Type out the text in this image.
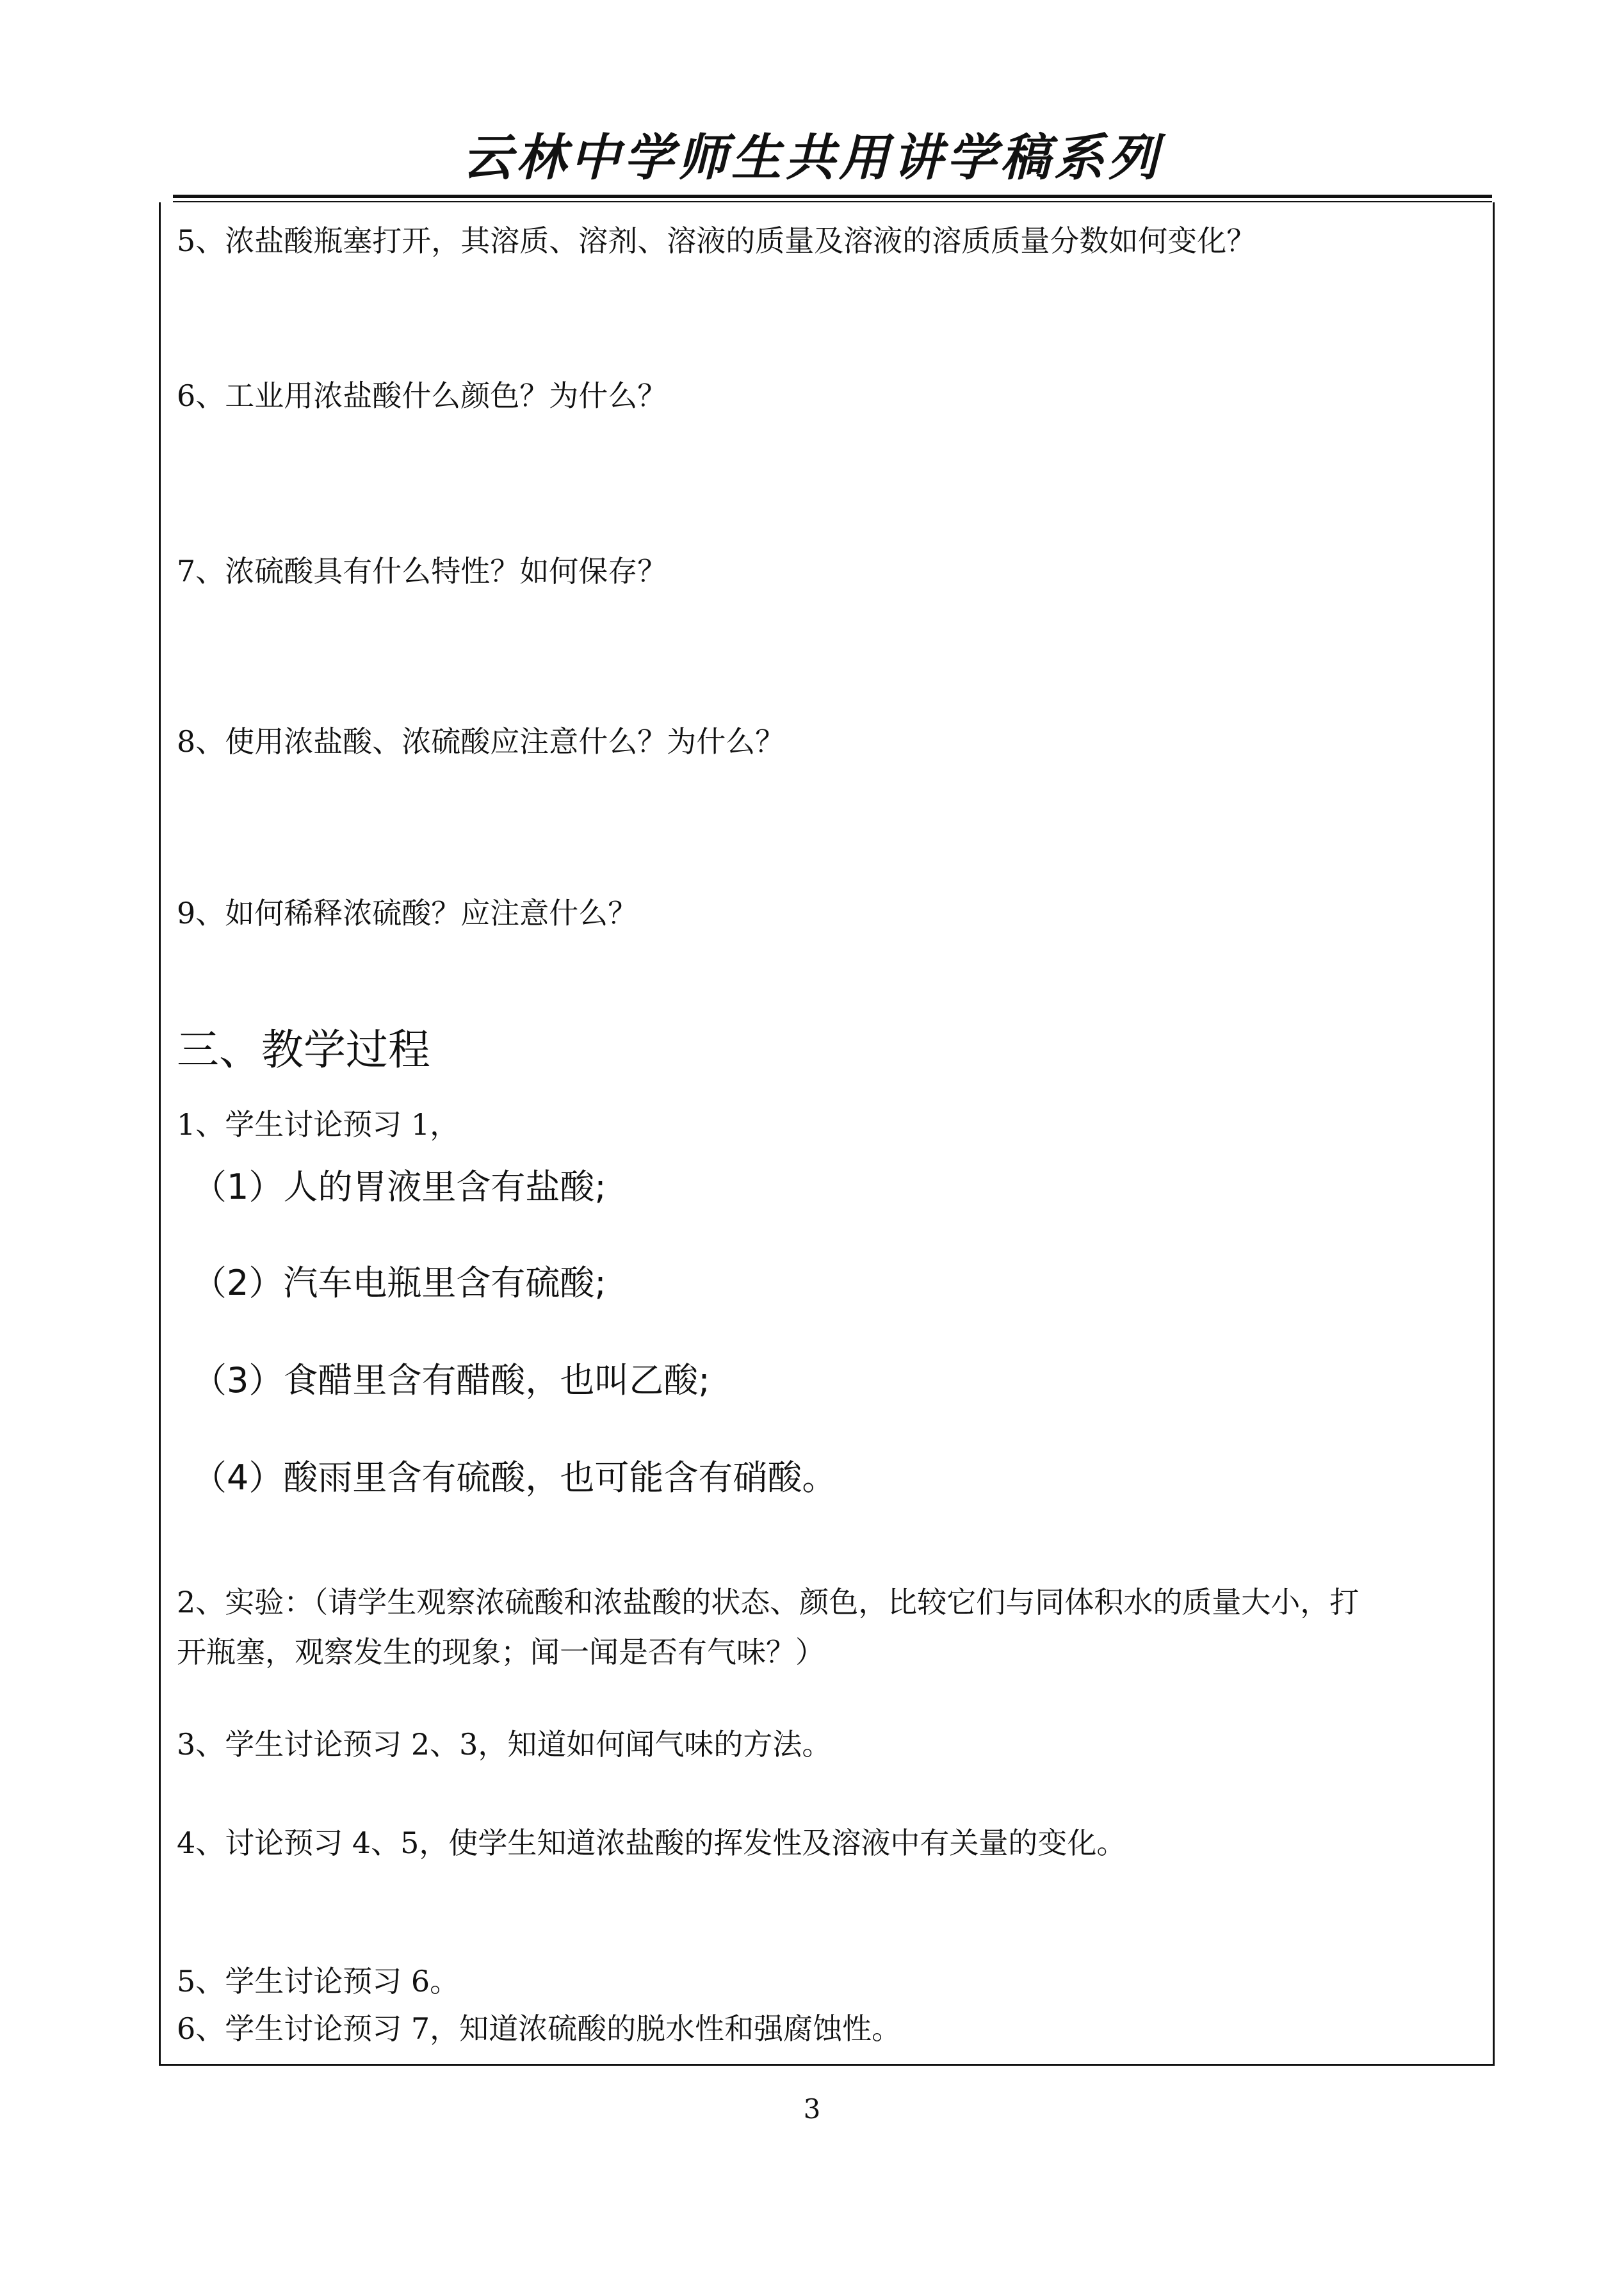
云林中学师生共用讲学稿系列
5、浓盐酸瓶塞打开，其溶质、溶剂、溶液的质量及溶液的溶质质量分数如何变化？
6、工业用浓盐酸什么颜色？为什么？
7、浓硫酸具有什么特性？如何保存？
8、使用浓盐酸、浓硫酸应注意什么？为什么？
9、如何稀释浓硫酸？应注意什么？
三、教学过程
1、学生讨论预习 1，
（1）人的胃液里含有盐酸;
（2）汽车电瓶里含有硫酸;
（3）食醋里含有醋酸，也叫乙酸;
（4）酸雨里含有硫酸，也可能含有硝酸。
2、实验：（请学生观察浓硫酸和浓盐酸的状态、颜色，比较它们与同体积水的质量大小，打
开瓶塞，观察发生的现象；闻一闻是否有气味？）
3、学生讨论预习 2、3，知道如何闻气味的方法。
4、讨论预习 4、5，使学生知道浓盐酸的挥发性及溶液中有关量的变化。
5、学生讨论预习 6。
6、学生讨论预习 7，知道浓硫酸的脱水性和强腐蚀性。
3
